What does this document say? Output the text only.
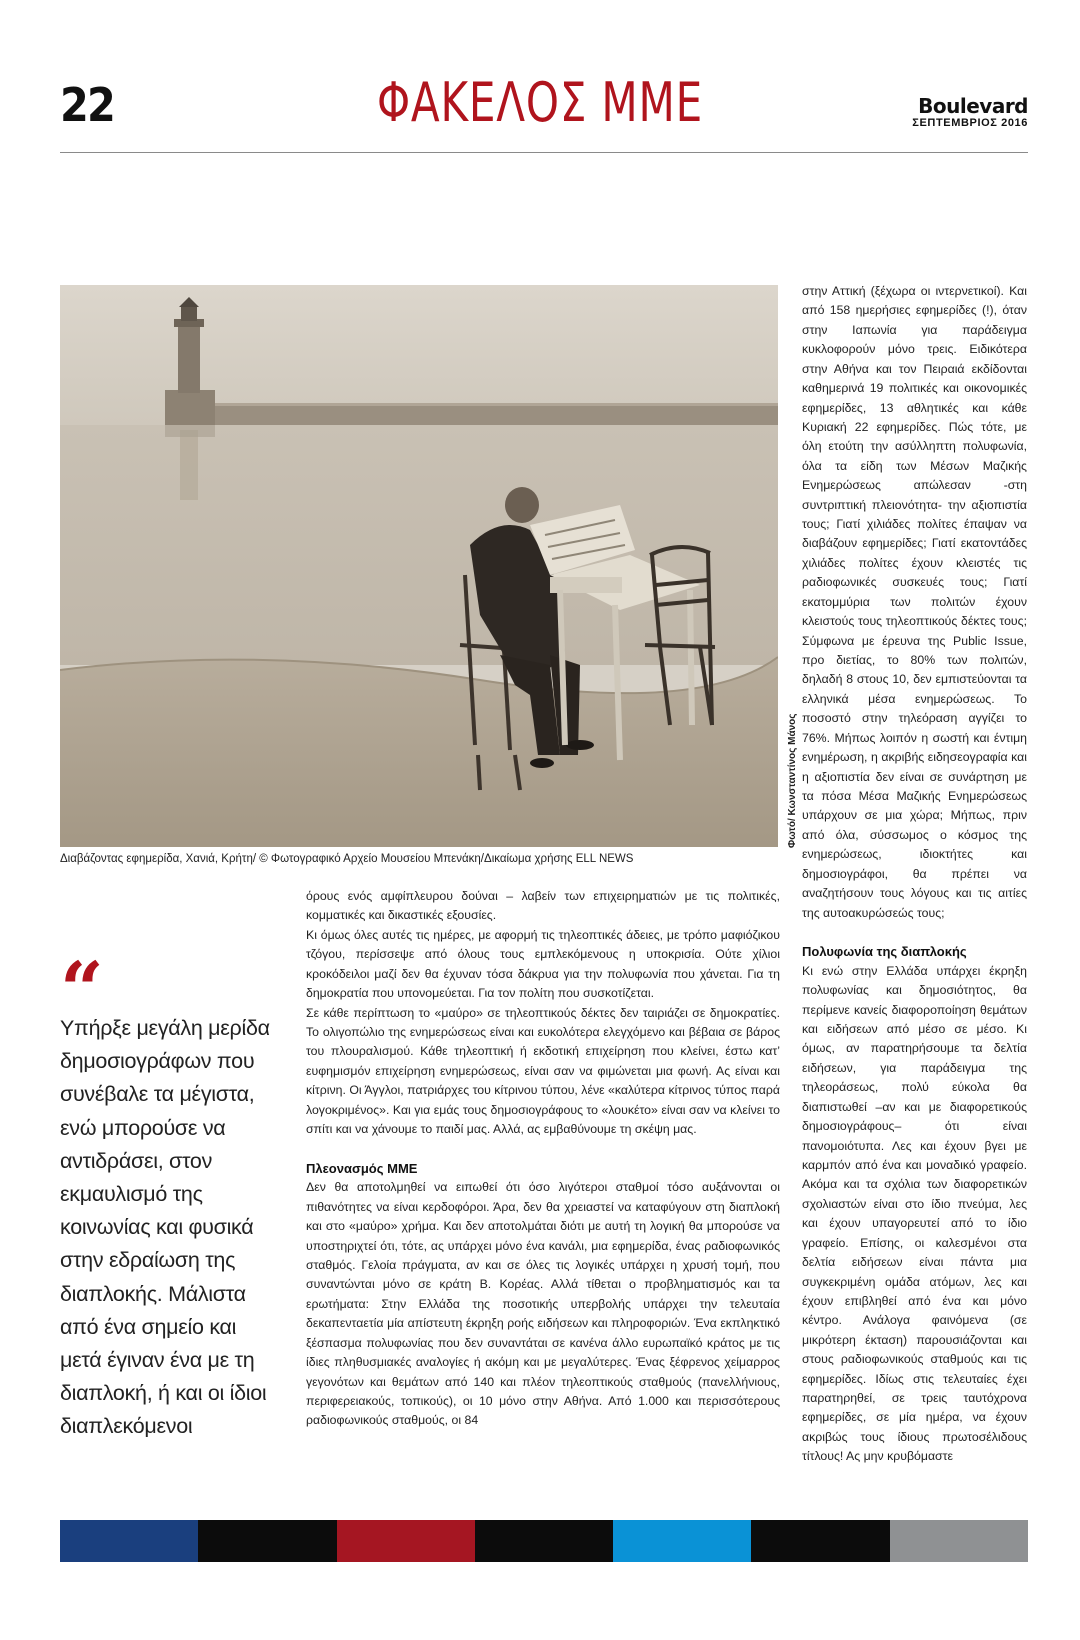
22	ΦΑΚΕΛΟΣ ΜΜΕ	Boulevard
ΣΕΠΤΕΜΒΡΙΟΣ 2016
Φωτό/ Κωνσταντίνος Μάνος
Διαβάζοντας εφημερίδα, Χανιά, Κρήτη/ © Φωτογραφικό Αρχείο Μουσείου Μπενάκη/Δικαίωμα χρήσης ELL NEWS
“
Υπήρξε μεγάλη μερίδα
δημοσιογράφων που
συνέβαλε τα μέγιστα,
ενώ μπορούσε να
αντιδράσει, στον
εκμαυλισμό της
κοινωνίας και φυσικά
στην εδραίωση της
διαπλοκής. Μάλιστα
από ένα σημείο και
μετά έγιναν ένα με τη
διαπλοκή, ή και οι ίδιοι
διαπλεκόμενοι

όρους ενός αμφίπλευρου δούναι – λαβείν των επιχειρηματιών με τις πολιτικές, κομματικές και δικαστικές εξουσίες.

Κι όμως όλες αυτές τις ημέρες, με αφορμή τις τηλεοπτικές άδειες, με τρόπο μαφιόζικου τζόγου, περίσσεψε από όλους τους εμπλεκόμενους η υποκρισία. Ούτε χίλιοι κροκόδειλοι μαζί δεν θα έχυναν τόσα δάκρυα για την πολυφωνία που χάνεται. Για τη δημοκρατία που υπονομεύεται. Για τον πολίτη που συσκοτίζεται.

Σε κάθε περίπτωση το «μαύρο» σε τηλεοπτικούς δέκτες δεν ταιριάζει σε δημοκρατίες. Το ολιγοπώλιο της ενημερώσεως είναι και ευκολότερα ελεγχόμενο και βέβαια σε βάρος του πλουραλισμού. Κάθε τηλεοπτική ή εκδοτική επιχείρηση που κλείνει, έστω κατ’ ευφημισμόν επιχείρηση ενημερώσεως, είναι σαν να φιμώνεται μια φωνή. Ας είναι και κίτρινη. Οι Άγγλοι, πατριάρχες του κίτρινου τύπου, λένε «καλύτερα κίτρινος τύπος παρά λογοκριμένος». Και για εμάς τους δημοσιογράφους το «λουκέτο» είναι σαν να κλείνει το σπίτι και να χάνουμε το παιδί μας. Αλλά, ας εμβαθύνουμε τη σκέψη μας.

Πλεονασμός ΜΜΕ

Δεν θα αποτολμηθεί να ειπωθεί ότι όσο λιγότεροι σταθμοί τόσο αυξάνονται οι πιθανότητες να είναι κερδοφόροι. Άρα, δεν θα χρειαστεί να καταφύγουν στη διαπλοκή και στο «μαύρο» χρήμα. Και δεν αποτολμάται διότι με αυτή τη λογική θα μπορούσε να υποστηριχτεί ότι, τότε, ας υπάρχει μόνο ένα κανάλι, μια εφημερίδα, ένας ραδιοφωνικός σταθμός. Γελοία πράγματα, αν και σε όλες τις λογικές υπάρχει η χρυσή τομή, που συναντώνται μόνο σε κράτη Β. Κορέας. Αλλά τίθεται ο προβληματισμός και τα ερωτήματα: Στην Ελλάδα της ποσοτικής υπερβολής υπάρχει την τελευταία δεκαπενταετία μία απίστευτη έκρηξη ροής ειδήσεων και πληροφοριών. Ένα εκπληκτικό ξέσπασμα πολυφωνίας που δεν συναντάται σε κανένα άλλο ευρωπαϊκό κράτος με τις ίδιες πληθυσμιακές αναλογίες ή ακόμη και με μεγαλύτερες. Ένας ξέφρενος χείμαρρος γεγονότων και θεμάτων από 140 και πλέον τηλεοπτικούς σταθμούς (πανελλήνιους, περιφερειακούς, τοπικούς), οι 10 μόνο στην Αθήνα. Από 1.000 και περισσότερους ραδιοφωνικούς σταθμούς, οι 84

στην Αττική (ξέχωρα οι ιντερνετικοί). Και από 158 ημερήσιες εφημερίδες (!), όταν στην Ιαπωνία για παράδειγμα κυκλοφορούν μόνο τρεις. Ειδικότερα στην Αθήνα και τον Πειραιά εκδίδονται καθημερινά 19 πολιτικές και οικονομικές εφημερίδες, 13 αθλητικές και κάθε Κυριακή 22 εφημερίδες. Πώς τότε, με όλη ετούτη την ασύλληπτη πολυφωνία, όλα τα είδη των Μέσων Μαζικής Ενημερώσεως απώλεσαν -στη συντριπτική πλειονότητα- την αξιοπιστία τους; Γιατί χιλιάδες πολίτες έπαψαν να διαβάζουν εφημερίδες; Γιατί εκατοντάδες χιλιάδες πολίτες έχουν κλειστές τις ραδιοφωνικές συσκευές τους; Γιατί εκατομμύρια των πολιτών έχουν κλειστούς τους τηλεοπτικούς δέκτες τους; Σύμφωνα με έρευνα της Public Issue, προ διετίας, το 80% των πολιτών, δηλαδή 8 στους 10, δεν εμπιστεύονται τα ελληνικά μέσα ενημερώσεως. Το ποσοστό στην τηλεόραση αγγίζει το 76%. Μήπως λοιπόν η σωστή και έντιμη ενημέρωση, η ακριβής ειδησεογραφία και η αξιοπιστία δεν είναι σε συνάρτηση με τα πόσα Μέσα Μαζικής Ενημερώσεως υπάρχουν σε μια χώρα; Μήπως, πριν από όλα, σύσσωμος ο κόσμος της ενημερώσεως, ιδιοκτήτες και δημοσιογράφοι, θα πρέπει να αναζητήσουν τους λόγους και τις αιτίες της αυτοακυρώσεώς τους;

Πολυφωνία της διαπλοκής

Κι ενώ στην Ελλάδα υπάρχει έκρηξη πολυφωνίας και δημοσιότητος, θα περίμενε κανείς διαφοροποίηση θεμάτων και ειδήσεων από μέσο σε μέσο. Κι όμως, αν παρατηρήσουμε τα δελτία ειδήσεων, για παράδειγμα της τηλεοράσεως, πολύ εύκολα θα διαπιστωθεί –αν και με διαφορετικούς δημοσιογράφους– ότι είναι πανομοιότυπα. Λες και έχουν βγει με καρμπόν από ένα και μοναδικό γραφείο. Ακόμα και τα σχόλια των διαφορετικών σχολιαστών είναι στο ίδιο πνεύμα, λες και έχουν υπαγορευτεί από το ίδιο γραφείο. Επίσης, οι καλεσμένοι στα δελτία ειδήσεων είναι πάντα μια συγκεκριμένη ομάδα ατόμων, λες και έχουν επιβληθεί από ένα και μόνο κέντρο. Ανάλογα φαινόμενα (σε μικρότερη έκταση) παρουσιάζονται και στους ραδιοφωνικούς σταθμούς και τις εφημερίδες. Ιδίως στις τελευταίες έχει παρατηρηθεί, σε τρεις ταυτόχρονα εφημερίδες, σε μία ημέρα, να έχουν ακριβώς τους ίδιους πρωτοσέλιδους τίτλους! Ας μην κρυβόμαστε
